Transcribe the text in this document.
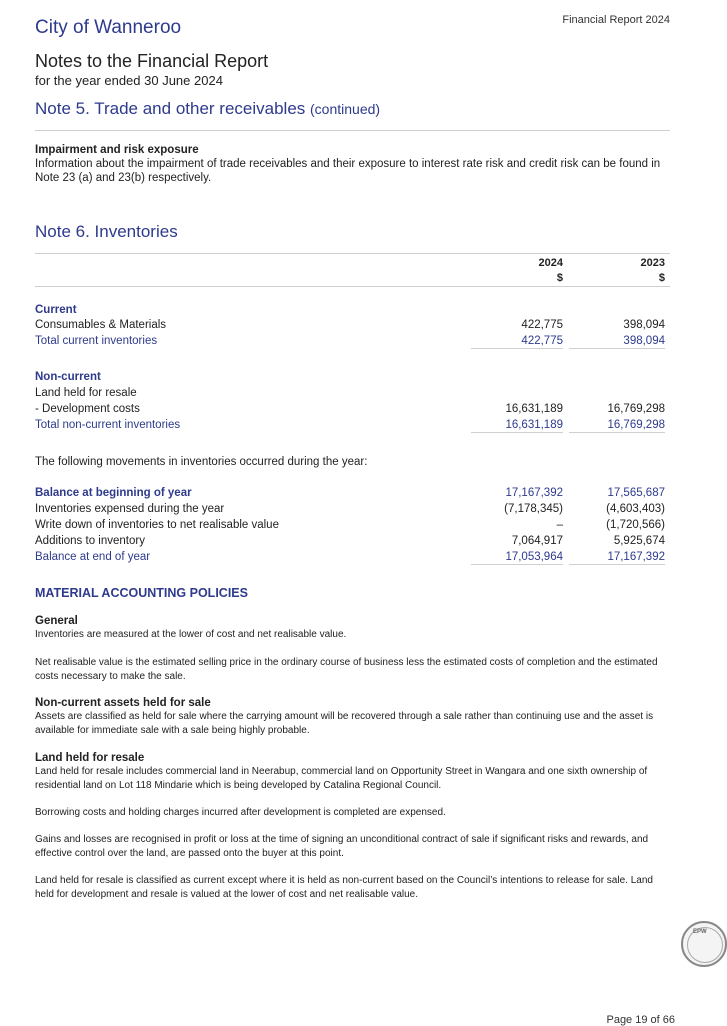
Financial Report 2024
City of Wanneroo
Notes to the Financial Report
for the year ended 30 June 2024
Note 5. Trade and other receivables (continued)
Impairment and risk exposure
Information about the impairment of trade receivables and their exposure to interest rate risk and credit risk can be found in Note 23 (a) and 23(b) respectively.
Note 6. Inventories
2024	2023
$	$
Current
Consumables & Materials	422,775	398,094
Total current inventories	422,775	398,094
Non-current
Land held for resale
- Development costs	16,631,189	16,769,298
Total non-current inventories	16,631,189	16,769,298
The following movements in inventories occurred during the year:
Balance at beginning of year	17,167,392	17,565,687
Inventories expensed during the year	(7,178,345)	(4,603,403)
Write down of inventories to net realisable value	–	(1,720,566)
Additions to inventory	7,064,917	5,925,674
Balance at end of year	17,053,964	17,167,392
MATERIAL ACCOUNTING POLICIES
General
Inventories are measured at the lower of cost and net realisable value.
Net realisable value is the estimated selling price in the ordinary course of business less the estimated costs of completion and the estimated costs necessary to make the sale.
Non-current assets held for sale
Assets are classified as held for sale where the carrying amount will be recovered through a sale rather than continuing use and the asset is available for immediate sale with a sale being highly probable.
Land held for resale
Land held for resale includes commercial land in Neerabup, commercial land on Opportunity Street in Wangara and one sixth ownership of residential land on Lot 118 Mindarie which is being developed by Catalina Regional Council.
Borrowing costs and holding charges incurred after development is completed are expensed.
Gains and losses are recognised in profit or loss at the time of signing an unconditional contract of sale if significant risks and rewards, and effective control over the land, are passed onto the buyer at this point.
Land held for resale is classified as current except where it is held as non-current based on the Council’s intentions to release for sale. Land held for development and resale is valued at the lower of cost and net realisable value.
EPW
Page 19 of 66
